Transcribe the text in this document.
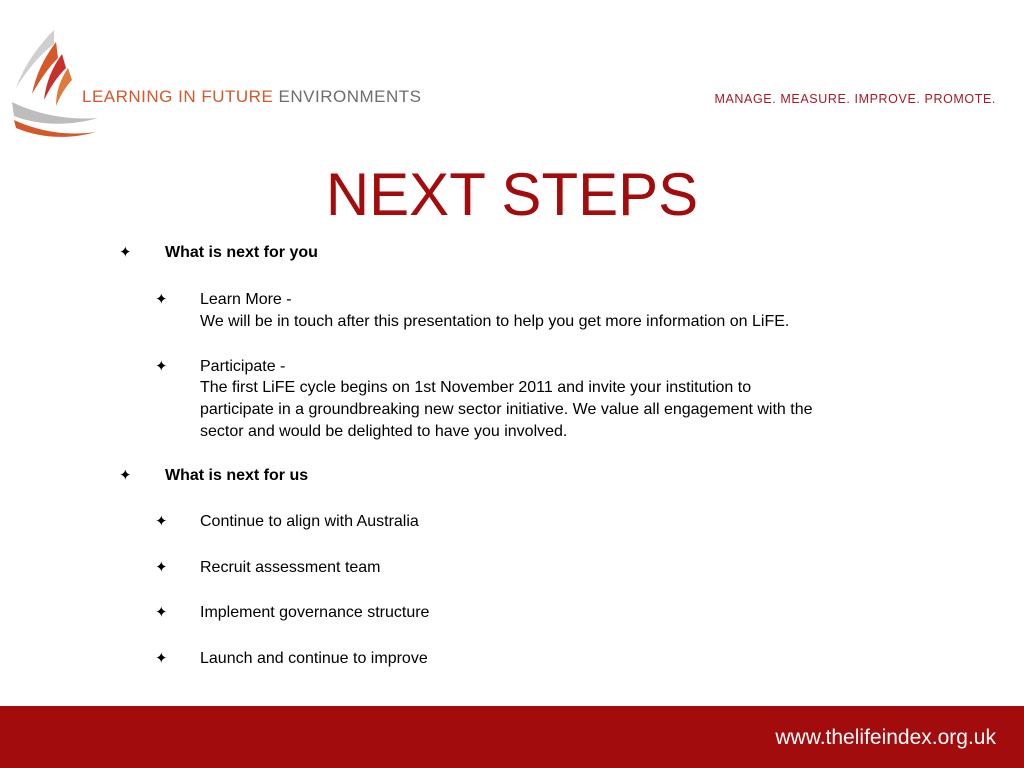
LEARNING IN FUTURE ENVIRONMENTS	MANAGE. MEASURE. IMPROVE. PROMOTE.
NEXT STEPS
✦ What is next for you
✦ Learn More -
We will be in touch after this presentation to help you get more information on LiFE.
✦ Participate -
The first LiFE cycle begins on 1st November 2011 and invite your institution to
participate in a groundbreaking new sector initiative. We value all engagement with the
sector and would be delighted to have you involved.
✦ What is next for us
✦ Continue to align with Australia
✦ Recruit assessment team
✦ Implement governance structure
✦ Launch and continue to improve
www.thelifeindex.org.uk
